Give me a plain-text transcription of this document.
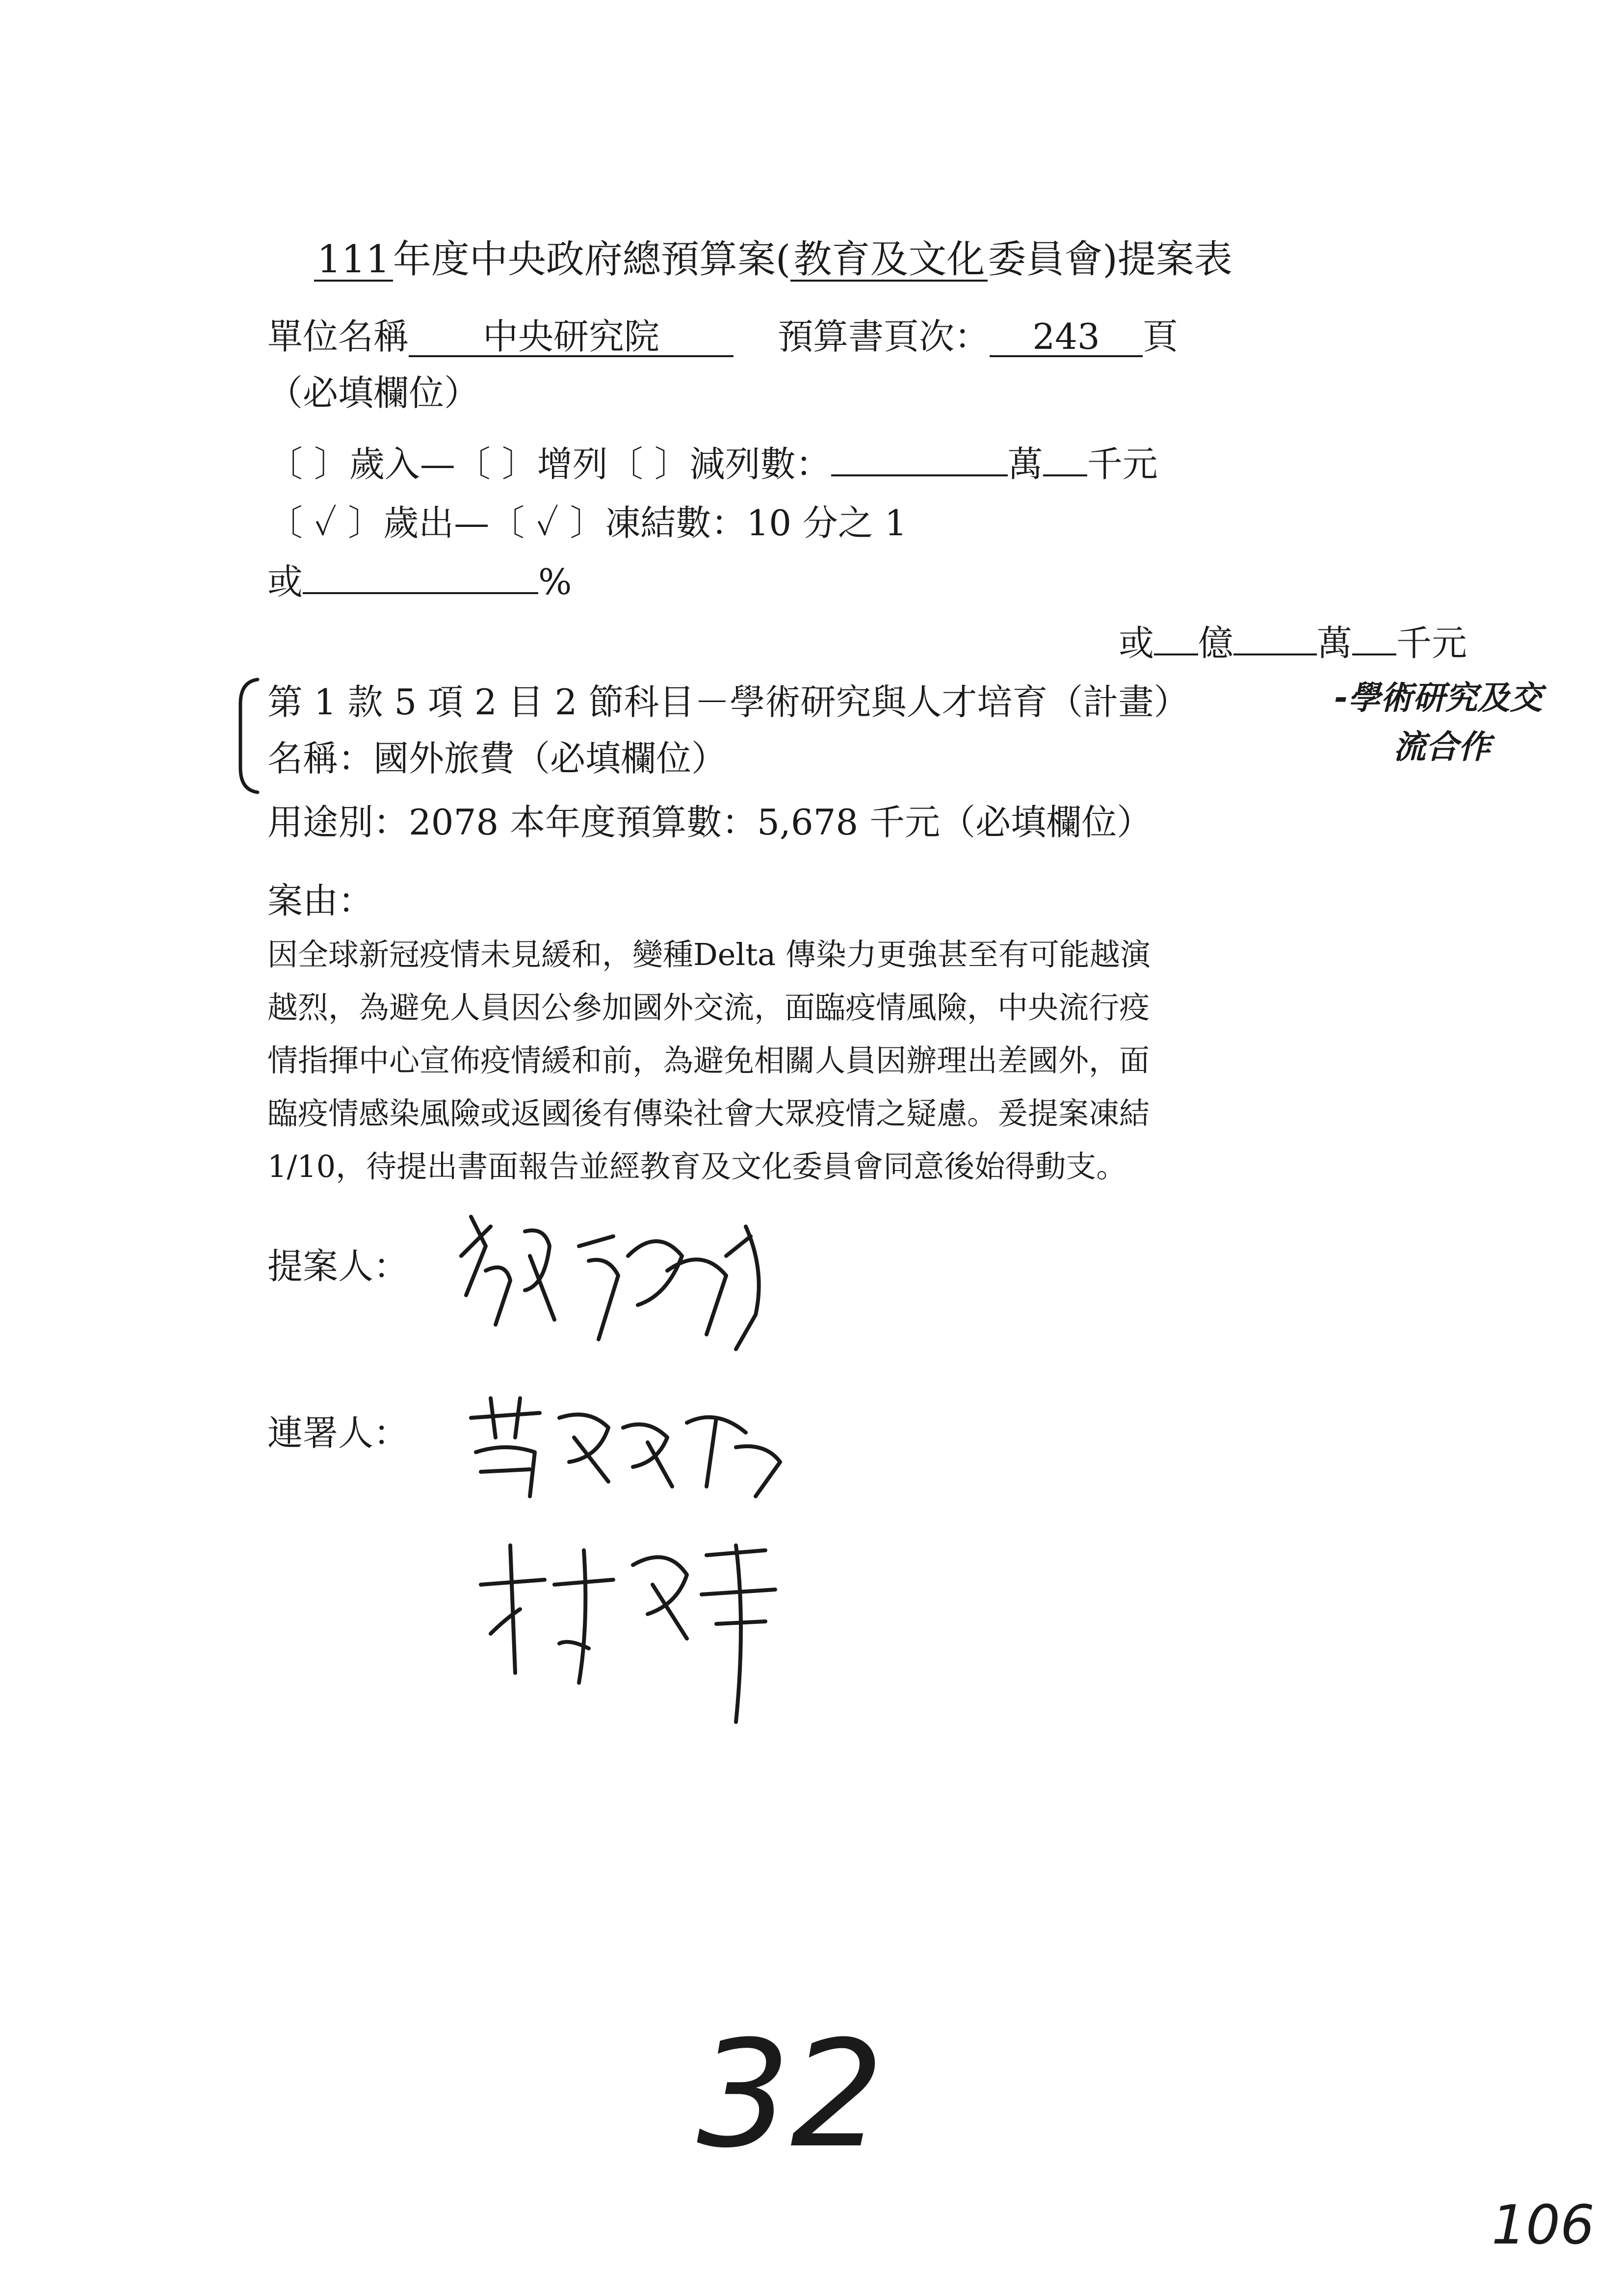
111年度中央政府總預算案(教育及文化委員會)提案表
單位名稱 中央研究院	預算書頁次： 243 頁
（必填欄位）
〔 〕歲入—〔 〕增列〔 〕減列數：	萬 千元
〔 ✓ 〕歲出—〔 ✓ 〕凍結數：10 分之 1
或	%
或 億 萬 千元
第 1 款 5 項 2 目 2 節科目－學術研究與人才培育（計畫）	-學術研究及交
流合作
名稱：國外旅費（必填欄位）
用途別：2078 本年度預算數：5,678 千元（必填欄位）
案由：
因全球新冠疫情未見緩和，變種Delta 傳染力更強甚至有可能越演
越烈，為避免人員因公參加國外交流，面臨疫情風險，中央流行疫
情指揮中心宣佈疫情緩和前，為避免相關人員因辦理出差國外，面
臨疫情感染風險或返國後有傳染社會大眾疫情之疑慮。爰提案凍結
1/10，待提出書面報告並經教育及文化委員會同意後始得動支。
提案人：
連署人：
32
106
